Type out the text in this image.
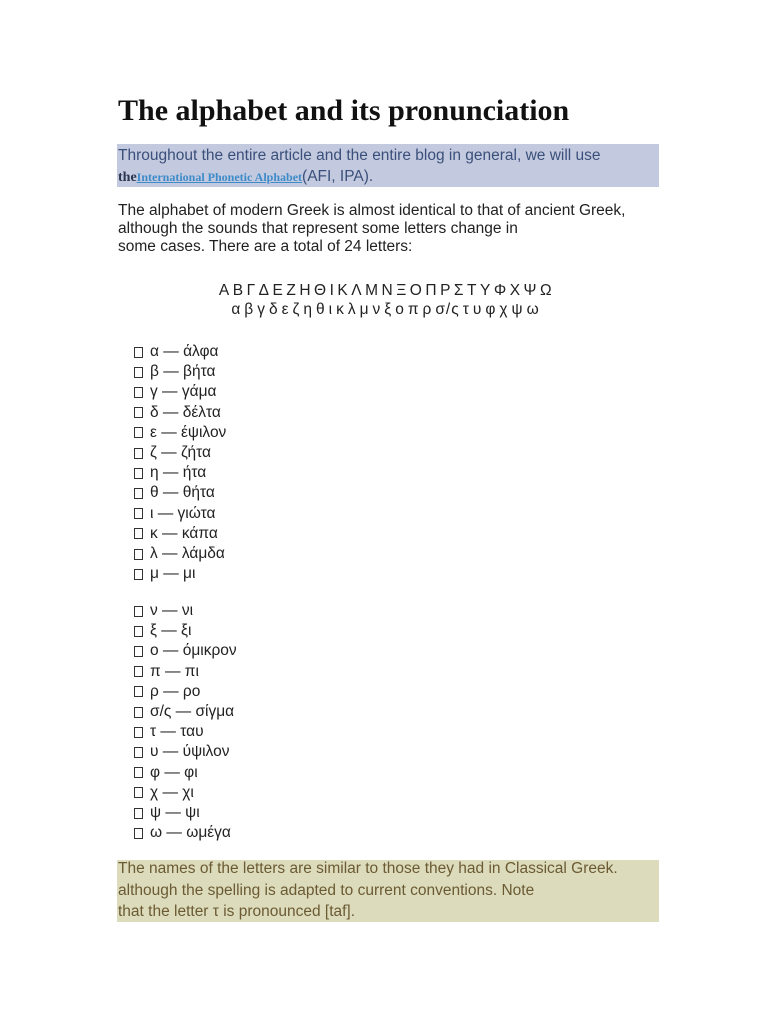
The alphabet and its pronunciation
Throughout the entire article and the entire blog in general, we will use
theInternational Phonetic Alphabet(AFI, IPA).

The alphabet of modern Greek is almost identical to that of ancient Greek,
although the sounds that represent some letters change in
some cases. There are a total of 24 letters:

Α Β Γ Δ Ε Ζ Η Θ Ι Κ Λ Μ Ν Ξ Ο Π Ρ Σ Τ Υ Φ Χ Ψ Ω
α β γ δ ε ζ η θ ι κ λ μ ν ξ ο π ρ σ/ς τ υ φ χ ψ ω
α — άλφα
β — βήτα
γ — γάμα
δ — δέλτα
ε — έψιλον
ζ — ζήτα
η — ήτα
θ — θήτα
ι — γιώτα
κ — κάπα
λ — λάμδα
μ — μι
ν — νι
ξ — ξι
ο — όμικρον
π — πι
ρ — ρο
σ/ς — σίγμα
τ — ταυ
υ — ύψιλον
φ — φι
χ — χι
ψ — ψι
ω — ωμέγα
The names of the letters are similar to those they had in Classical Greek.
although the spelling is adapted to current conventions. Note
that the letter τ is pronounced [taf].
